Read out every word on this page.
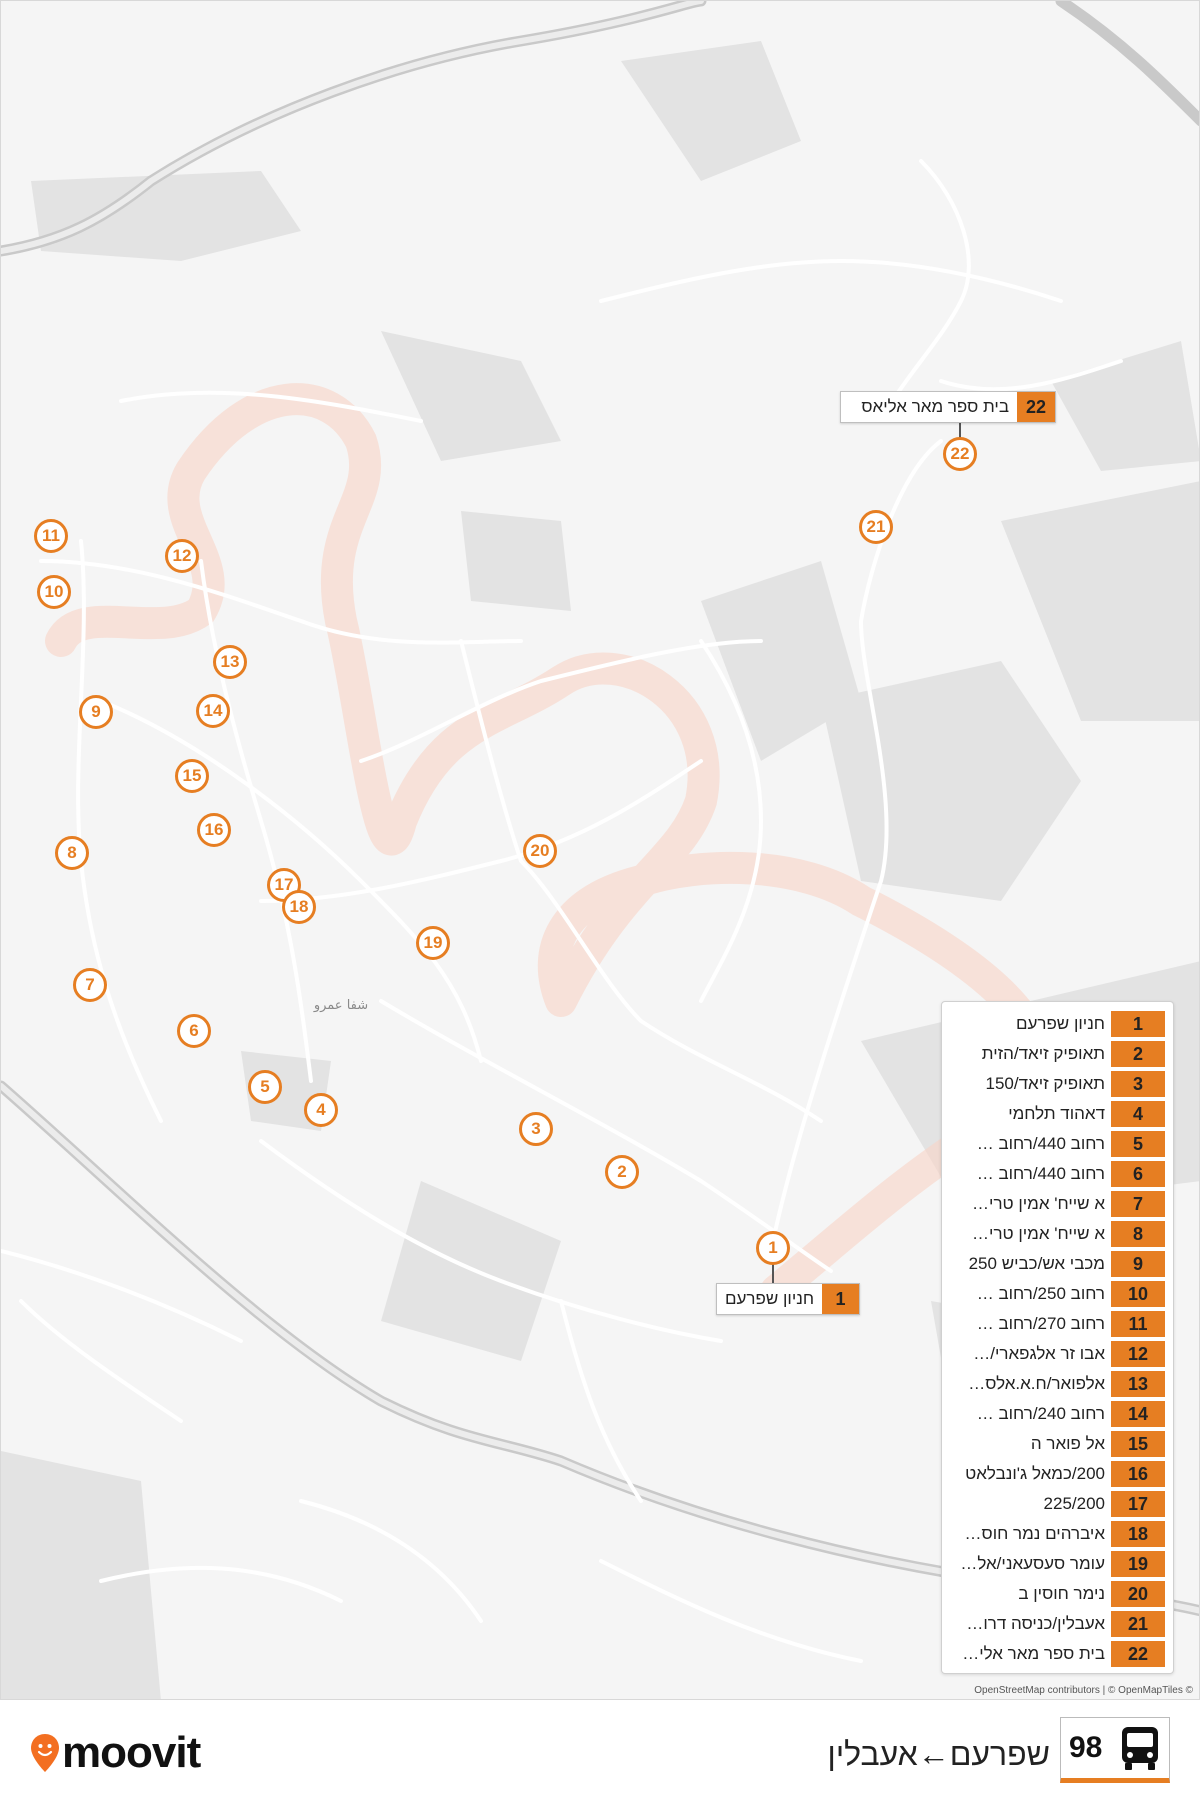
شفا عمرو
22
בית ספר מאר אליאס
1
חניון שפרעם
1
2
3
4
5
6
7
8
9
10
11
12
13
14
15
16
17
18
19
20
21
22
1
חניון שפרעם
2
תאופיק זיאד/הזית
3
תאופיק זיאד/150
4
דאהוד תלחמי
5
רחוב 440/רחוב …
6
רחוב 440/רחוב …
7
א שייח' אמין טרי…
8
א שייח' אמין טרי…
9
מכבי אש/כביש 250
10
רחוב 250/רחוב …
11
רחוב 270/רחוב …
12
אבו זר אלגפארי/…
13
אלפואר/ח.א.אלס…
14
רחוב 240/רחוב …
15
אל פואר ה
16
200/כמאל ג'ונבלאט
17
225/200
18
איברהים נמר חוס…
19
עומר סעסעאני/אל…
20
נימר חוסין ב
21
אעבלין/כניסה דרו…
22
בית ספר מאר אלי…
OpenStreetMap contributors | © OpenMapTiles ©
moovit	שפרעם←אעבלין 98
